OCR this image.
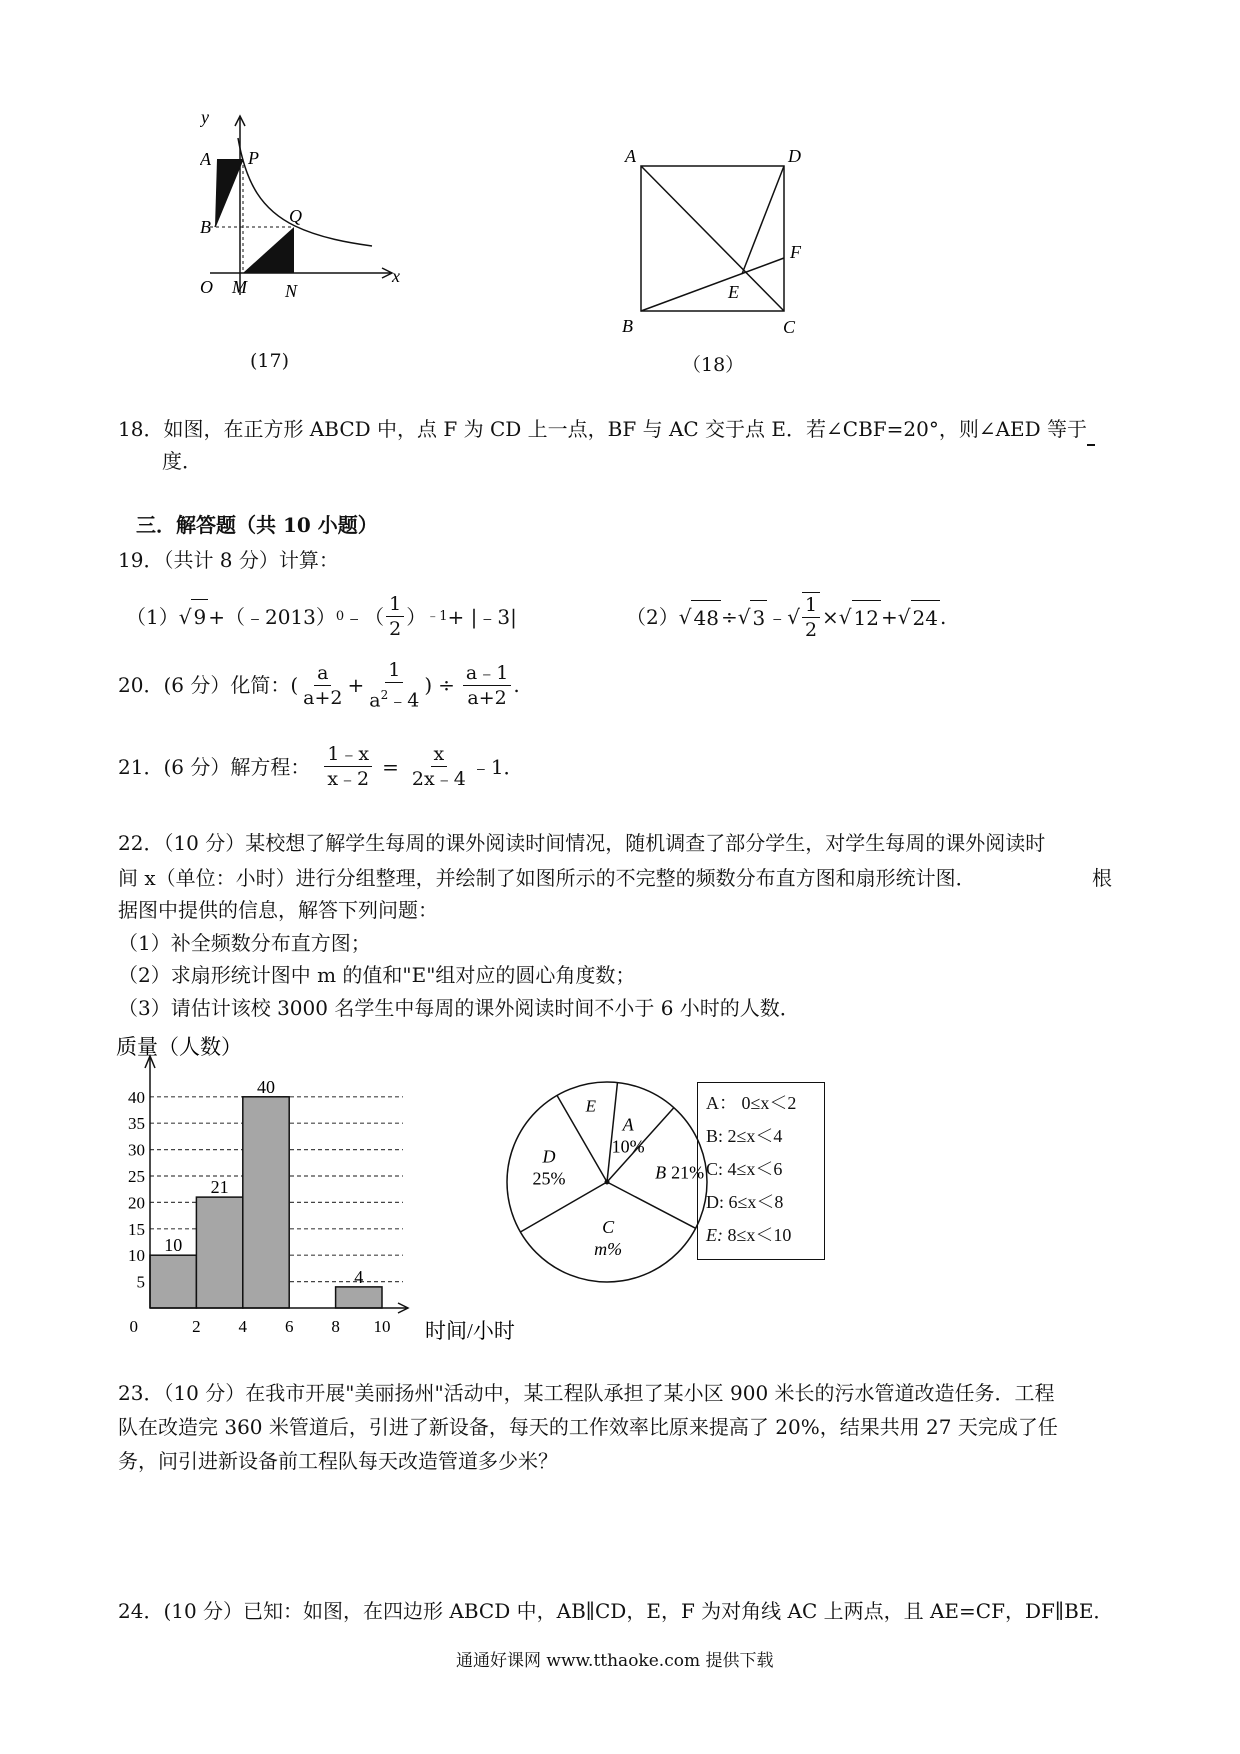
y
x
A P
B
Q
O M N
(17)
A	D
F
E
B	C
（18）
18．如图，在正方形 ABCD 中，点 F 为 CD 上一点，BF 与 AC 交于点 E．若∠CBF=20°，则∠AED 等于
度．
三．解答题（共 10 小题）
19．（共计 8 分）计算：
（1） √ 9 +（﹣2013） 0 ﹣（ $\frac{1}{2}$ ） ﹣1 + |﹣3|	（2） √ 48 ÷ √ 3 ﹣ √ $\frac{1}{2}$ × √ 12 + √ 24 .
20．(6 分）化简：( $\frac{a}{a+2} + \frac{1}{a^2﹣4}$ ) ÷ $\frac{a﹣1}{a+2}$ .
21．(6 分）解方程： $\frac{1﹣x}{x﹣2} = \frac{x}{2x﹣4}$ ﹣1．
22．（10 分）某校想了解学生每周的课外阅读时间情况，随机调查了部分学生，对学生每周的课外阅读时
间 x（单位：小时）进行分组整理，并绘制了如图所示的不完整的频数分布直方图和扇形统计图．	根
据图中提供的信息，解答下列问题：
（1）补全频数分布直方图；
（2）求扇形统计图中 m 的值和"E"组对应的圆心角度数；
（3）请估计该校 3000 名学生中每周的课外阅读时间不小于 6 小时的人数．
质量（人数）
5
10
15
20
25
30
35
40
10
21
40
4
0	2 4 6 8 10 时间/小时
A
10%
B 21%
C
m%
D
25%
E	A： 0≤x＜2
B: 2≤x＜4
C: 4≤x＜6
D: 6≤x＜8
E: 8≤x＜10
23．（10 分）在我市开展"美丽扬州"活动中，某工程队承担了某小区 900 米长的污水管道改造任务．工程
队在改造完 360 米管道后，引进了新设备，每天的工作效率比原来提高了 20%，结果共用 27 天完成了任
务，问引进新设备前工程队每天改造管道多少米？
24．(10 分）已知：如图，在四边形 ABCD 中，AB∥CD，E，F 为对角线 AC 上两点，且 AE=CF，DF∥BE．
通通好课网 www.tthaoke.com 提供下载
